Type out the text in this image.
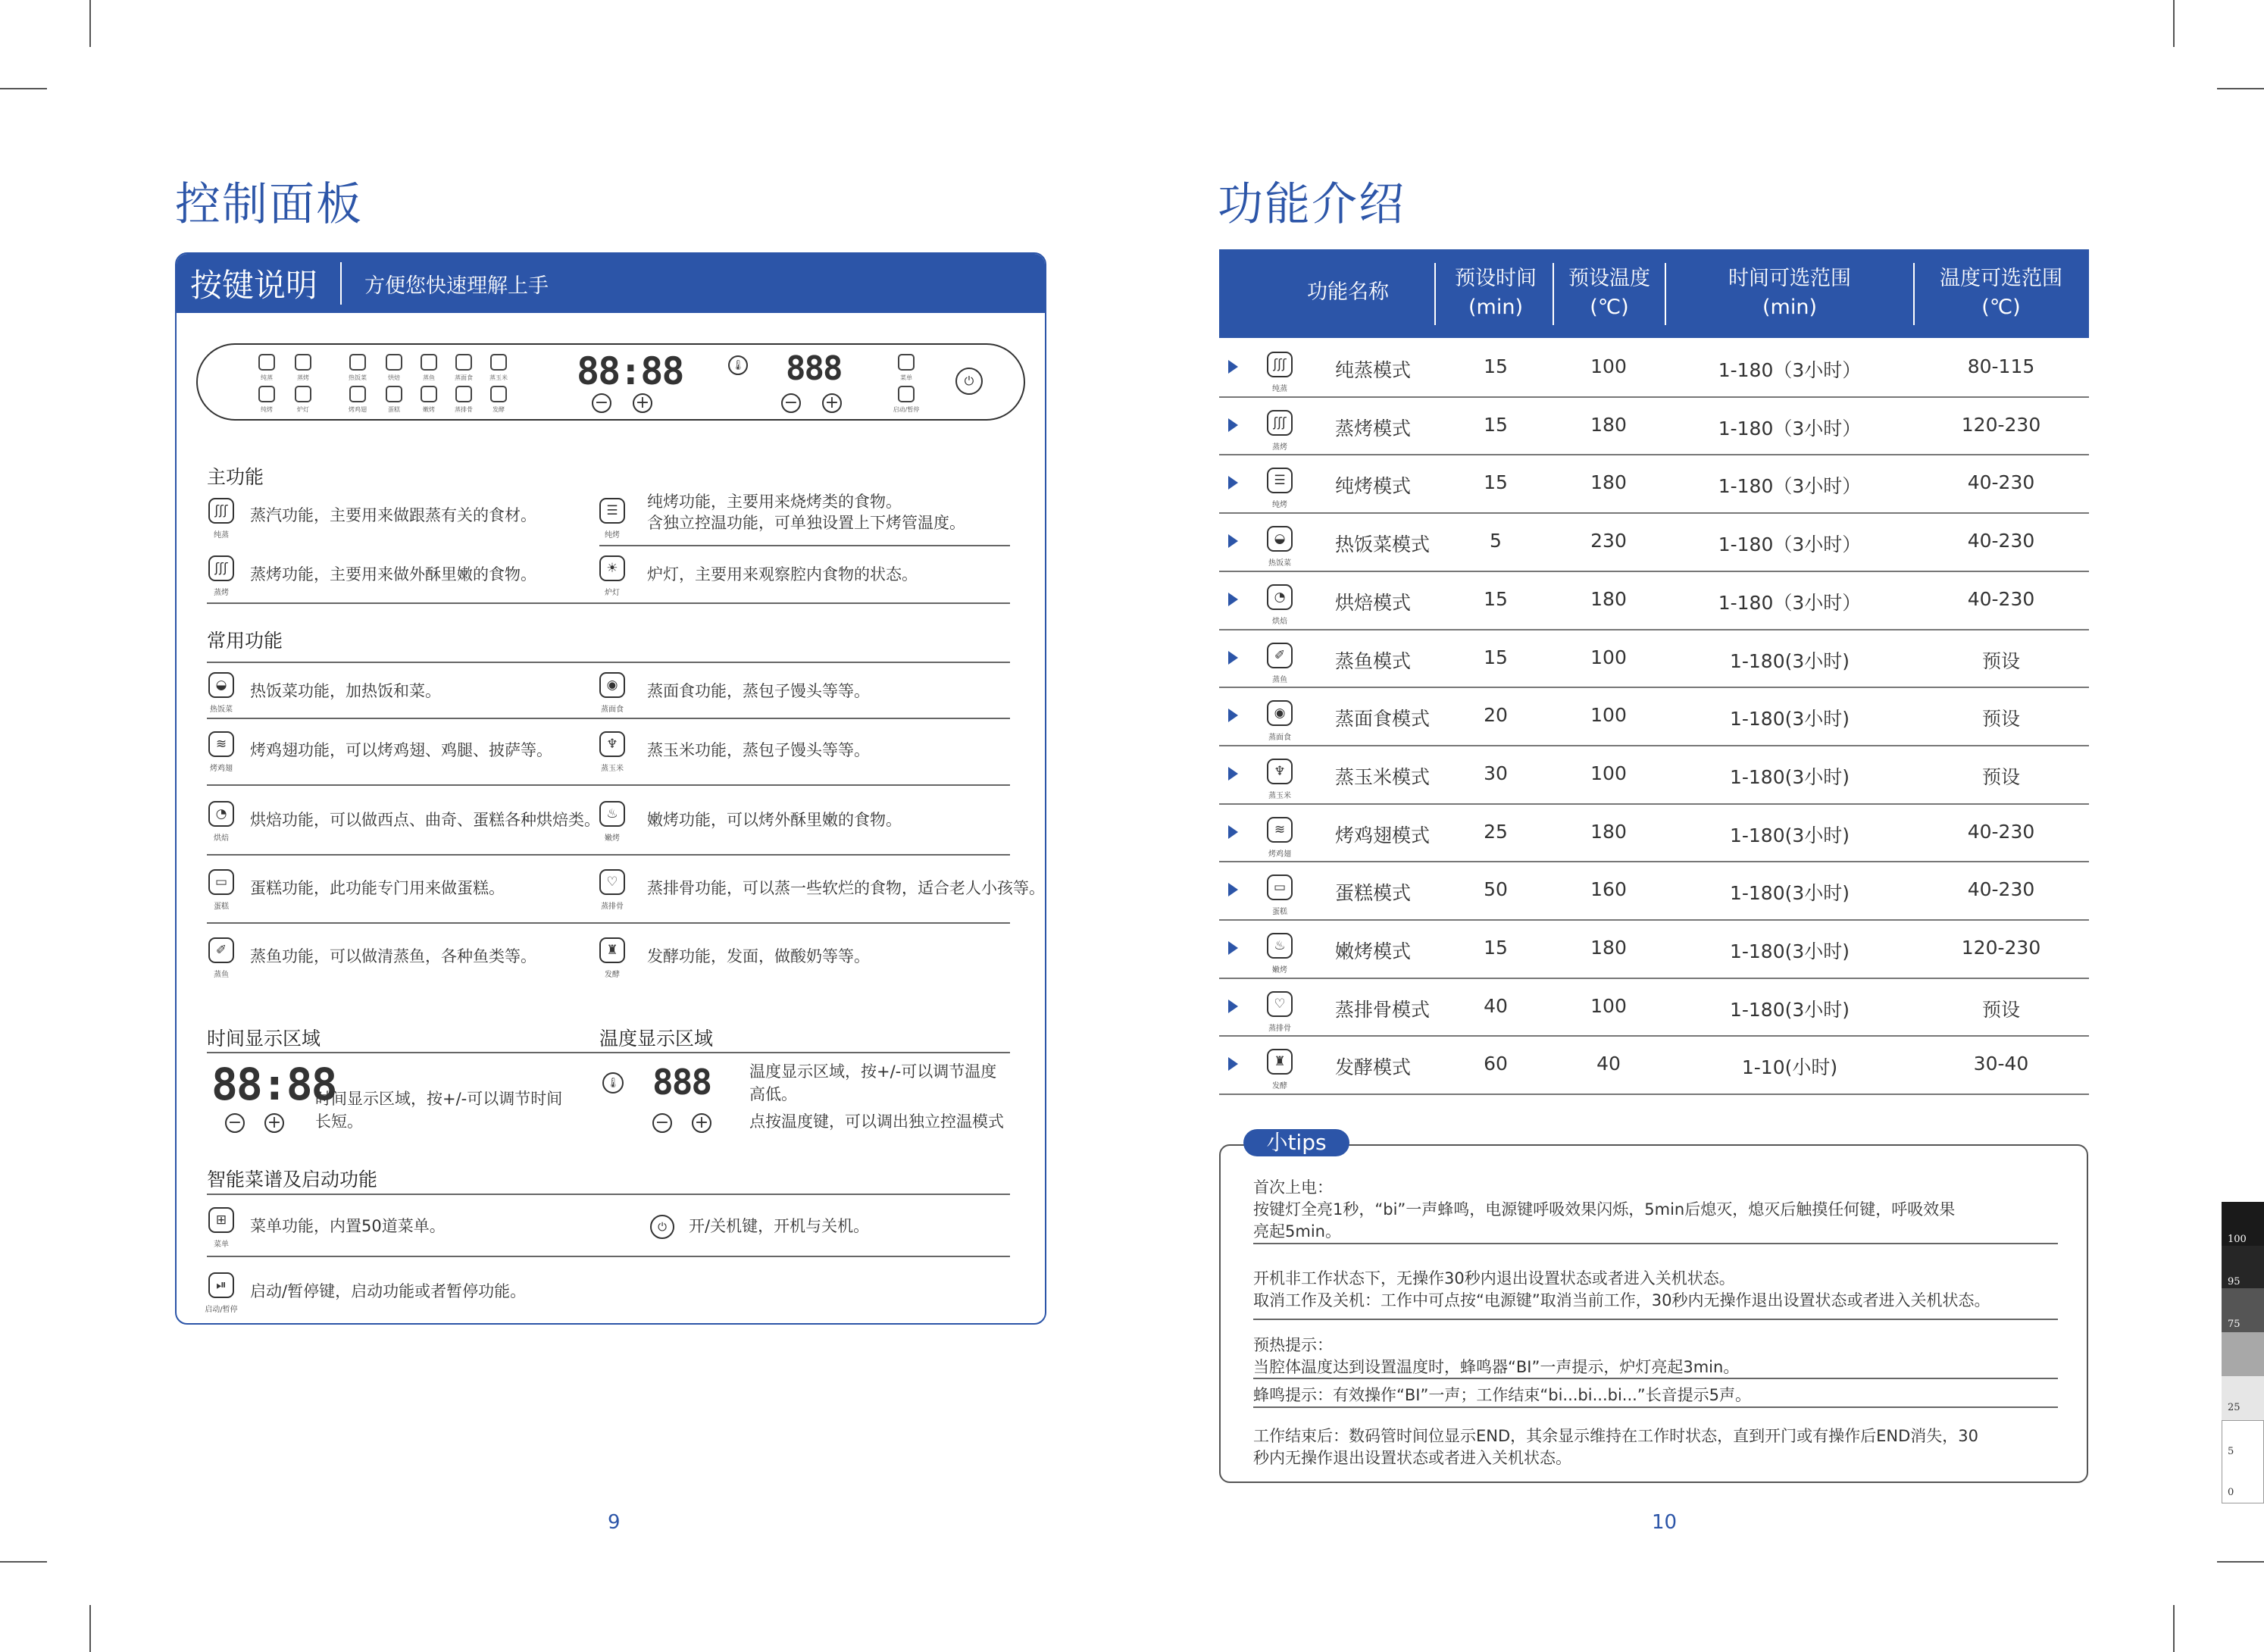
控制面板
按键说明 方便您快速理解上手
纯蒸	蒸烤	热饭菜	烘焙	蒸鱼	蒸面食	蒸玉米
纯烤	炉灯	烤鸡翅	蛋糕	嫩烤	蒸排骨	发酵
88:88
− +
🌡 888
− +
菜单
启动/暂停
⏻
主功能
ʃʃʃ
纯蒸
蒸汽功能，主要用来做跟蒸有关的食材。	☰
纯烤
纯烤功能，主要用来烧烤类的食物。
含独立控温功能，可单独设置上下烤管温度。
ʃʃʃ
蒸烤
蒸烤功能，主要用来做外酥里嫩的食物。	☀
炉灯
炉灯，主要用来观察腔内食物的状态。
常用功能
◒
热饭菜
热饭菜功能，加热饭和菜。	◉
蒸面食
蒸面食功能，蒸包子馒头等等。
≋
烤鸡翅
烤鸡翅功能，可以烤鸡翅、鸡腿、披萨等。	♆
蒸玉米
蒸玉米功能，蒸包子馒头等等。
◔
烘焙
烘焙功能，可以做西点、曲奇、蛋糕各种烘焙类。 ♨
嫩烤
嫩烤功能，可以烤外酥里嫩的食物。
▭
蛋糕
蛋糕功能，此功能专门用来做蛋糕。	♡
蒸排骨
蒸排骨功能，可以蒸一些软烂的食物，适合老人小孩等。
✐
蒸鱼
蒸鱼功能，可以做清蒸鱼，各种鱼类等。	♜
发酵
发酵功能，发面，做酸奶等等。
时间显示区域	温度显示区域
88:88
− +
时间显示区域，按+/-可以调节时间
长短。
🌡 888
− +
温度显示区域，按+/-可以调节温度
高低。
点按温度键，可以调出独立控温模式
智能菜谱及启动功能
⊞
菜单
菜单功能，内置50道菜单。	⏻	开/关机键，开机与关机。
⏯
启动/暂停
启动/暂停键，启动功能或者暂停功能。
9
功能介绍
功能名称
预设时间
(min)
预设温度
(℃)
时间可选范围
(min)
温度可选范围
(℃)
ʃʃʃ
纯蒸
纯蒸模式	15	100	1-180（3小时）	80-115
ʃʃʃ
蒸烤
蒸烤模式	15	180	1-180（3小时）	120-230
☰
纯烤
纯烤模式	15	180	1-180（3小时）	40-230
◒
热饭菜
热饭菜模式	5	230	1-180（3小时）	40-230
◔
烘焙
烘焙模式	15	180	1-180（3小时）	40-230
✐
蒸鱼
蒸鱼模式	15	100	1-180(3小时)	预设
◉
蒸面食
蒸面食模式	20	100	1-180(3小时)	预设
♆
蒸玉米
蒸玉米模式	30	100	1-180(3小时)	预设
≋
烤鸡翅
烤鸡翅模式	25	180	1-180(3小时)	40-230
▭
蛋糕
蛋糕模式	50	160	1-180(3小时)	40-230
♨
嫩烤
嫩烤模式	15	180	1-180(3小时)	120-230
♡
蒸排骨
蒸排骨模式	40	100	1-180(3小时)	预设
♜
发酵
发酵模式	60	40	1-10(小时)	30-40
小tips
首次上电：
按键灯全亮1秒，“bi”一声蜂鸣，电源键呼吸效果闪烁，5min后熄灭，熄灭后触摸任何键，呼吸效果
亮起5min。
开机非工作状态下，无操作30秒内退出设置状态或者进入关机状态。
取消工作及关机：工作中可点按“电源键”取消当前工作，30秒内无操作退出设置状态或者进入关机状态。
预热提示：
当腔体温度达到设置温度时，蜂鸣器“BI”一声提示，炉灯亮起3min。
蜂鸣提示：有效操作“BI”一声；工作结束“bi...bi...bi...”长音提示5声。
工作结束后：数码管时间位显示END，其余显示维持在工作时状态，直到开门或有操作后END消失，30
秒内无操作退出设置状态或者进入关机状态。
10
100
95
75
25
5
0
